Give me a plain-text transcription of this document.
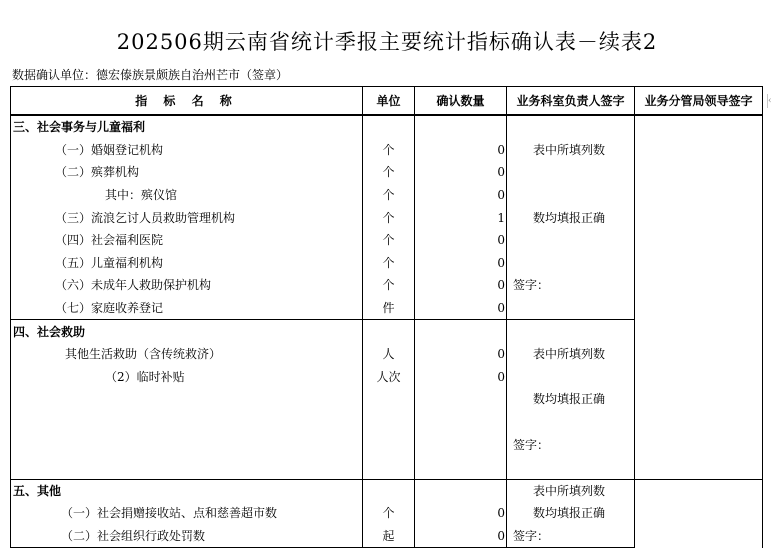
202506期云南省统计季报主要统计指标确认表－续表2
数据确认单位：德宏傣族景颇族自治州芒市（签章）
‹
指 标 名 称	单位	确认数量	业务科室负责人签字	业务分管局领导签字
三、社会事务与儿童福利				
（一）婚姻登记机构	个	0	表中所填列数	
（二）殡葬机构	个	0		
其中：殡仪馆	个	0		
（三）流浪乞讨人员救助管理机构	个	1	数均填报正确	
（四）社会福利医院	个	0		
（五）儿童福利机构	个	0		
（六）未成年人救助保护机构	个	0	签字：	
（七）家庭收养登记	件	0		
四、社会救助				
其他生活救助（含传统救济）	人	0	表中所填列数	
（2）临时补贴	人次	0		
			数均填报正确	

			签字：	

五、其他			表中所填列数	
（一）社会捐赠接收站、点和慈善超市数	个	0	数均填报正确	
（二）社会组织行政处罚数	起	0	签字：	
